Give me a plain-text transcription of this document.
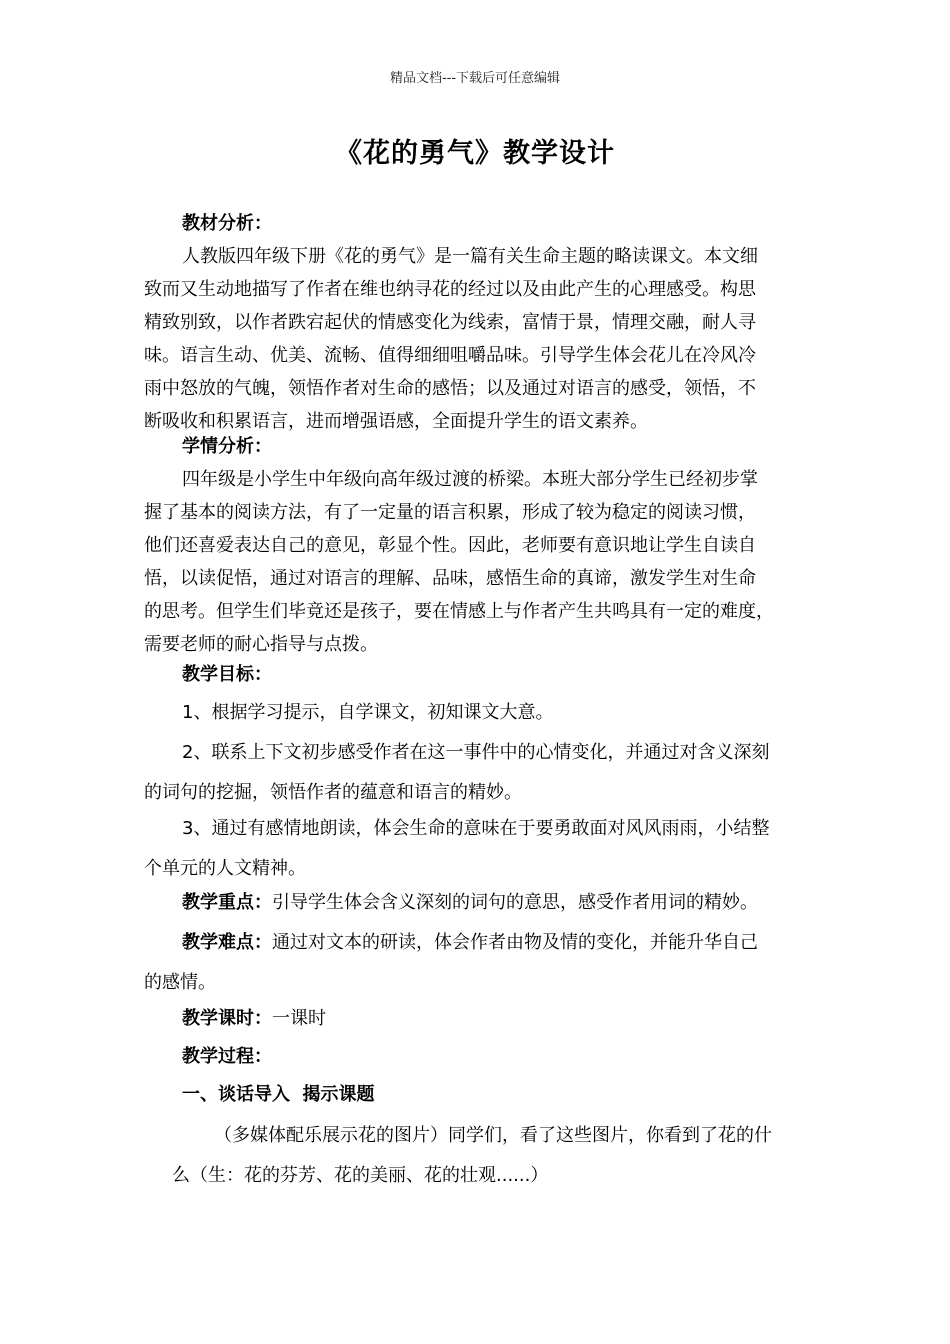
精品文档---下载后可任意编辑
《花的勇气》教学设计

教材分析：

人教版四年级下册《花的勇气》是一篇有关生命主题的略读课文。本文细

致而又生动地描写了作者在维也纳寻花的经过以及由此产生的心理感受。构思

精致别致，以作者跌宕起伏的情感变化为线索，富情于景，情理交融，耐人寻

味。语言生动、优美、流畅、值得细细咀嚼品味。引导学生体会花儿在冷风冷

雨中怒放的气魄，领悟作者对生命的感悟；以及通过对语言的感受，领悟，不

断吸收和积累语言，进而增强语感，全面提升学生的语文素养。

学情分析：

四年级是小学生中年级向高年级过渡的桥梁。本班大部分学生已经初步掌

握了基本的阅读方法，有了一定量的语言积累，形成了较为稳定的阅读习惯，

他们还喜爱表达自己的意见，彰显个性。因此，老师要有意识地让学生自读自

悟，以读促悟，通过对语言的理解、品味，感悟生命的真谛，激发学生对生命

的思考。但学生们毕竟还是孩子，要在情感上与作者产生共鸣具有一定的难度，

需要老师的耐心指导与点拨。

教学目标：

1、根据学习提示，自学课文，初知课文大意。

2、联系上下文初步感受作者在这一事件中的心情变化，并通过对含义深刻

的词句的挖掘，领悟作者的蕴意和语言的精妙。

3、通过有感情地朗读，体会生命的意味在于要勇敢面对风风雨雨，小结整

个单元的人文精神。

教学重点：引导学生体会含义深刻的词句的意思，感受作者用词的精妙。

教学难点：通过对文本的研读，体会作者由物及情的变化，并能升华自己

的感情。

教学课时：一课时

教学过程：

一、谈话导入  揭示课题

（多媒体配乐展示花的图片）同学们，看了这些图片，你看到了花的什

么（生：花的芬芳、花的美丽、花的壮观......）
